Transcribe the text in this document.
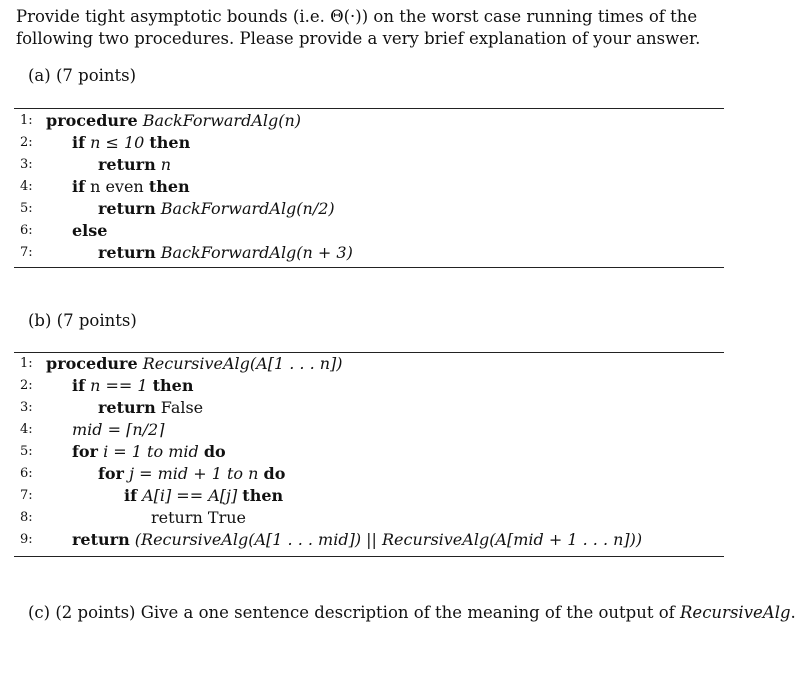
Provide tight asymptotic bounds (i.e. Θ(·)) on the worst case running times of the following two procedures. Please provide a very brief explanation of your answer.
(a) (7 points)
1: procedure BackForwardAlg(n)
2:	if n ≤ 10 then
3:	return n
4:	if n even then
5:	return BackForwardAlg(n/2)
6:	else
7:	return BackForwardAlg(n + 3)
(b) (7 points)
1: procedure RecursiveAlg(A[1 . . . n])
2:	if n == 1 then
3:	return False
4:	mid = ⌈n/2⌉
5:	for i = 1 to mid do
6:	for j = mid + 1 to n do
7:	if A[i] == A[j] then
8:	return True
9:	return (RecursiveAlg(A[1 . . . mid]) || RecursiveAlg(A[mid + 1 . . . n]))
(c) (2 points) Give a one sentence description of the meaning of the output of RecursiveAlg.
